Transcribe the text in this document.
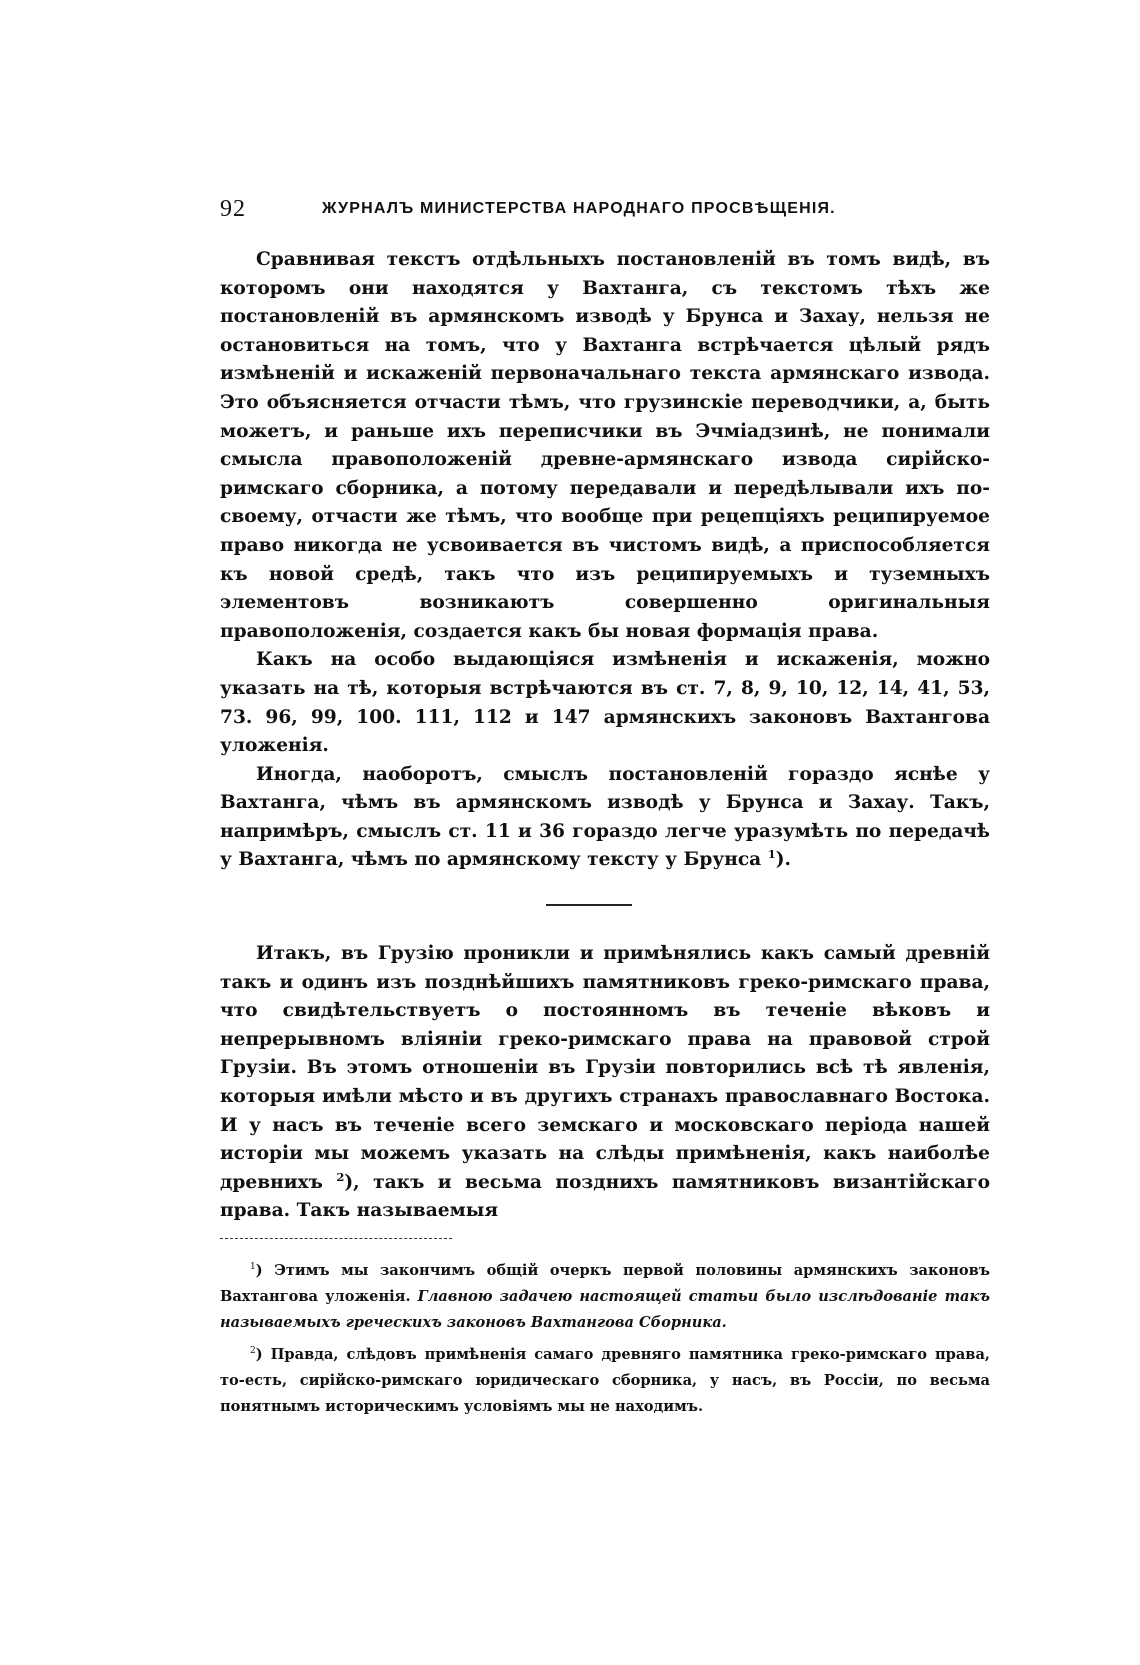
92	ЖУРНАЛЪ МИНИСТЕРСТВА НАРОДНАГО ПРОСВѢЩЕНІЯ.

Сравнивая текстъ отдѣльныхъ постановленій въ томъ видѣ, въ которомъ они находятся у Вахтанга, съ текстомъ тѣхъ же постановленій въ армянскомъ изводѣ у Брунса и Захау, нельзя не остановиться на томъ, что у Вахтанга встрѣчается цѣлый рядъ измѣненій и искаженій первоначальнаго текста армянскаго извода. Это объясняется отчасти тѣмъ, что грузинскіе переводчики, а, быть можетъ, и раньше ихъ переписчики въ Эчміадзинѣ, не понимали смысла правоположеній древне-армянскаго извода сирійско-римскаго сборника, а потому передавали и передѣлывали ихъ по-своему, отчасти же тѣмъ, что вообще при рецепціяхъ реципируемое право никогда не усвоивается въ чистомъ видѣ, а приспособляется къ новой средѣ, такъ что изъ реципируемыхъ и туземныхъ элементовъ возникаютъ совершенно оригинальныя правоположенія, создается какъ бы новая формація права.

Какъ на особо выдающіяся измѣненія и искаженія, можно указать на тѣ, которыя встрѣчаются въ ст. 7, 8, 9, 10, 12, 14, 41, 53, 73. 96, 99, 100. 111, 112 и 147 армянскихъ законовъ Вахтангова уложенія.

Иногда, наоборотъ, смыслъ постановленій гораздо яснѣе у Вахтанга, чѣмъ въ армянскомъ изводѣ у Брунса и Захау. Такъ, напримѣръ, смыслъ ст. 11 и 36 гораздо легче уразумѣть по передачѣ у Вахтанга, чѣмъ по армянскому тексту у Брунса $^1$).

Итакъ, въ Грузію проникли и примѣнялись какъ самый древній такъ и одинъ изъ позднѣйшихъ памятниковъ греко-римскаго права, что свидѣтельствуетъ о постоянномъ въ теченіе вѣковъ и непрерывномъ вліяніи греко-римскаго права на правовой строй Грузіи. Въ этомъ отношеніи въ Грузіи повторились всѣ тѣ явленія, которыя имѣли мѣсто и въ другихъ странахъ православнаго Востока. И у насъ въ теченіе всего земскаго и московскаго періода нашей исторіи мы можемъ указать на слѣды примѣненія, какъ наиболѣе древнихъ $^2$), такъ и весьма позднихъ памятниковъ византійскаго права. Такъ называемыя

$^1$) Этимъ мы закончимъ общій очеркъ первой половины армянскихъ законовъ Вахтангова уложенія. Главною задачею настоящей статьи было изслѣдованіе такъ называемыхъ греческихъ законовъ Вахтангова Сборника.

$^2$) Правда, слѣдовъ примѣненія самаго древняго памятника греко-римскаго права, то-есть, сирійско-римскаго юридическаго сборника, у насъ, въ Россіи, по весьма понятнымъ историческимъ условіямъ мы не находимъ.
